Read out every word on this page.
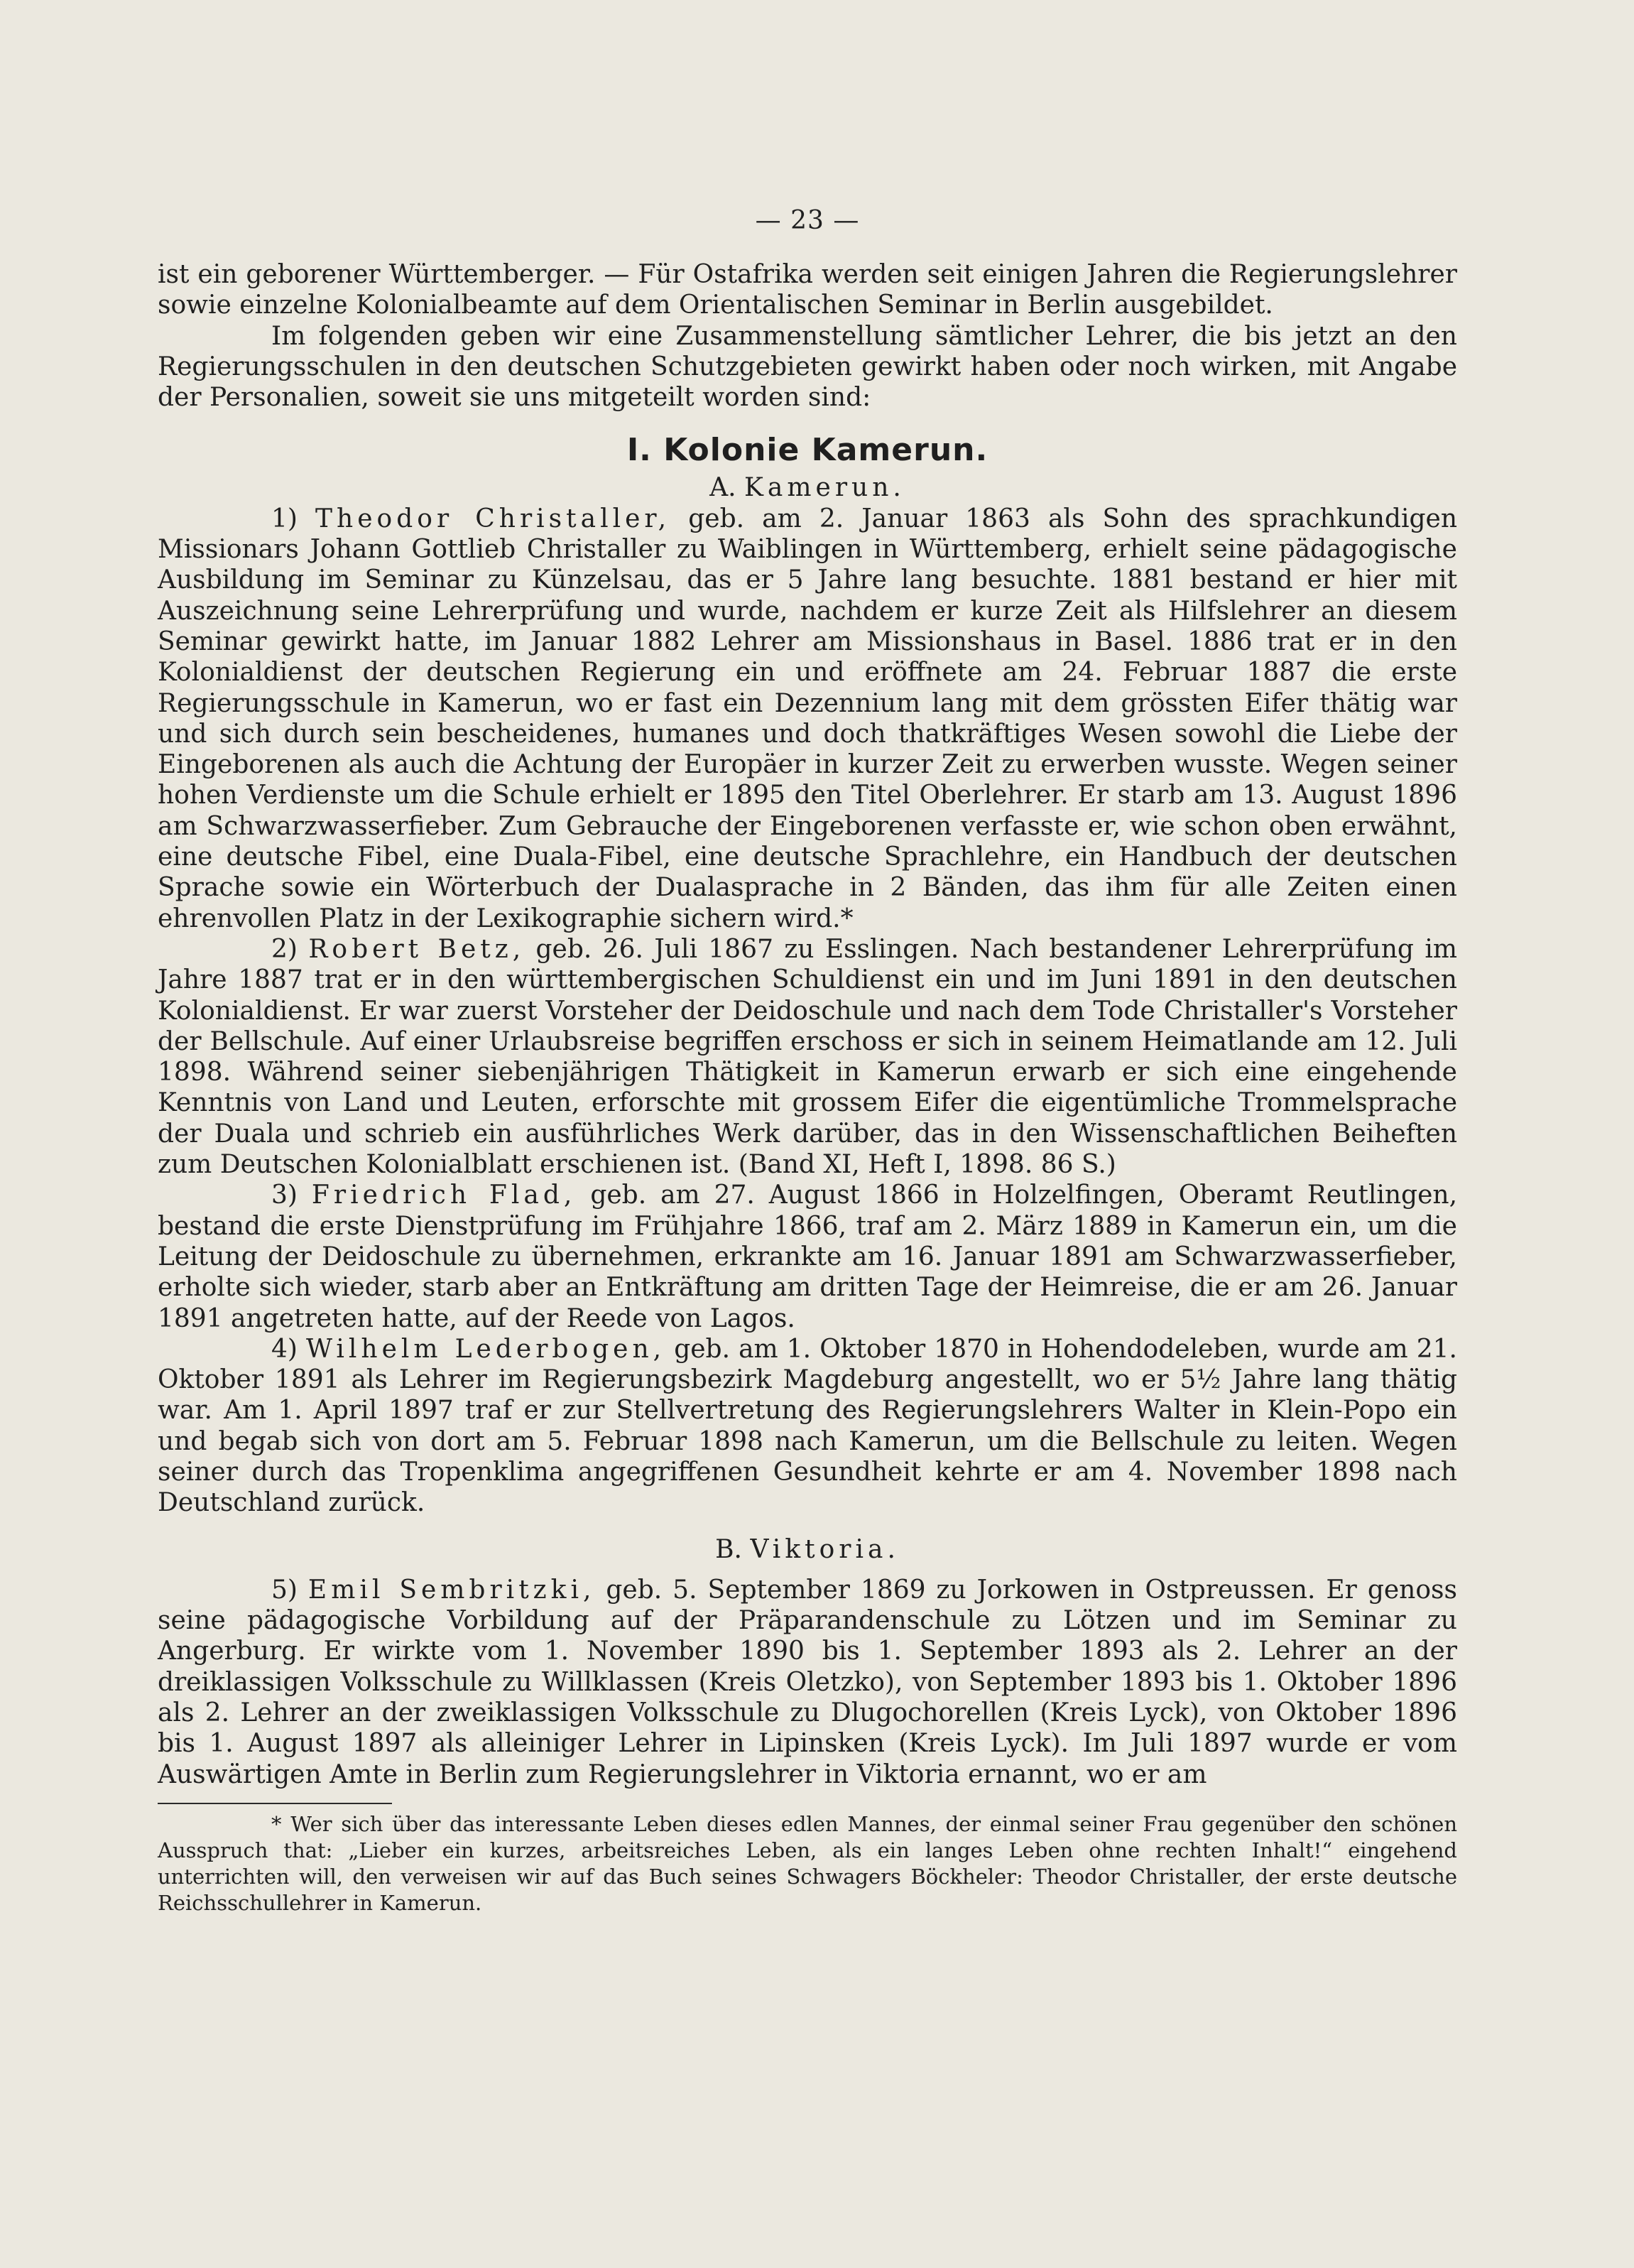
— 23 —

ist ein geborener Württemberger. — Für Ostafrika werden seit einigen Jahren die Regierungslehrer sowie einzelne Kolonialbeamte auf dem Orientalischen Seminar in Berlin ausgebildet.

Im folgenden geben wir eine Zusammenstellung sämtlicher Lehrer, die bis jetzt an den Regierungsschulen in den deutschen Schutzgebieten gewirkt haben oder noch wirken, mit Angabe der Personalien, soweit sie uns mitgeteilt worden sind:

I. Kolonie Kamerun.
A. Kamerun.

1) Theodor Christaller, geb. am 2. Januar 1863 als Sohn des sprachkundigen Missionars Johann Gottlieb Christaller zu Waiblingen in Württemberg, erhielt seine pädagogische Ausbildung im Seminar zu Künzelsau, das er 5 Jahre lang besuchte. 1881 bestand er hier mit Auszeichnung seine Lehrerprüfung und wurde, nachdem er kurze Zeit als Hilfslehrer an diesem Seminar gewirkt hatte, im Januar 1882 Lehrer am Missionshaus in Basel. 1886 trat er in den Kolonialdienst der deutschen Regierung ein und eröffnete am 24. Februar 1887 die erste Regierungsschule in Kamerun, wo er fast ein Dezennium lang mit dem grössten Eifer thätig war und sich durch sein bescheidenes, humanes und doch thatkräftiges Wesen sowohl die Liebe der Eingeborenen als auch die Achtung der Europäer in kurzer Zeit zu erwerben wusste. Wegen seiner hohen Verdienste um die Schule erhielt er 1895 den Titel Oberlehrer. Er starb am 13. August 1896 am Schwarzwasserfieber. Zum Gebrauche der Eingeborenen verfasste er, wie schon oben erwähnt, eine deutsche Fibel, eine Duala-Fibel, eine deutsche Sprachlehre, ein Handbuch der deutschen Sprache sowie ein Wörterbuch der Dualasprache in 2 Bänden, das ihm für alle Zeiten einen ehrenvollen Platz in der Lexikographie sichern wird.*

2) Robert Betz, geb. 26. Juli 1867 zu Esslingen. Nach bestandener Lehrerprüfung im Jahre 1887 trat er in den württembergischen Schuldienst ein und im Juni 1891 in den deutschen Kolonialdienst. Er war zuerst Vorsteher der Deidoschule und nach dem Tode Christaller's Vorsteher der Bellschule. Auf einer Urlaubsreise begriffen erschoss er sich in seinem Heimatlande am 12. Juli 1898. Während seiner siebenjährigen Thätigkeit in Kamerun erwarb er sich eine eingehende Kenntnis von Land und Leuten, erforschte mit grossem Eifer die eigentümliche Trommelsprache der Duala und schrieb ein ausführliches Werk darüber, das in den Wissenschaftlichen Beiheften zum Deutschen Kolonialblatt erschienen ist. (Band XI, Heft I, 1898. 86 S.)

3) Friedrich Flad, geb. am 27. August 1866 in Holzelfingen, Oberamt Reutlingen, bestand die erste Dienstprüfung im Frühjahre 1866, traf am 2. März 1889 in Kamerun ein, um die Leitung der Deidoschule zu übernehmen, erkrankte am 16. Januar 1891 am Schwarzwasserfieber, erholte sich wieder, starb aber an Entkräftung am dritten Tage der Heimreise, die er am 26. Januar 1891 angetreten hatte, auf der Reede von Lagos.

4) Wilhelm Lederbogen, geb. am 1. Oktober 1870 in Hohendodeleben, wurde am 21. Oktober 1891 als Lehrer im Regierungsbezirk Magdeburg angestellt, wo er 5½ Jahre lang thätig war. Am 1. April 1897 traf er zur Stellvertretung des Regierungslehrers Walter in Klein-Popo ein und begab sich von dort am 5. Februar 1898 nach Kamerun, um die Bellschule zu leiten. Wegen seiner durch das Tropenklima angegriffenen Gesundheit kehrte er am 4. November 1898 nach Deutschland zurück.

B. Viktoria.

5) Emil Sembritzki, geb. 5. September 1869 zu Jorkowen in Ostpreussen. Er genoss seine pädagogische Vorbildung auf der Präparandenschule zu Lötzen und im Seminar zu Angerburg. Er wirkte vom 1. November 1890 bis 1. September 1893 als 2. Lehrer an der dreiklassigen Volksschule zu Willklassen (Kreis Oletzko), von September 1893 bis 1. Oktober 1896 als 2. Lehrer an der zweiklassigen Volksschule zu Dlugochorellen (Kreis Lyck), von Oktober 1896 bis 1. August 1897 als alleiniger Lehrer in Lipinsken (Kreis Lyck). Im Juli 1897 wurde er vom Auswärtigen Amte in Berlin zum Regierungslehrer in Viktoria ernannt, wo er am

* Wer sich über das interessante Leben dieses edlen Mannes, der einmal seiner Frau gegenüber den schönen Ausspruch that: „Lieber ein kurzes, arbeitsreiches Leben, als ein langes Leben ohne rechten Inhalt!“ eingehend unterrichten will, den verweisen wir auf das Buch seines Schwagers Böckheler: Theodor Christaller, der erste deutsche Reichsschullehrer in Kamerun.
